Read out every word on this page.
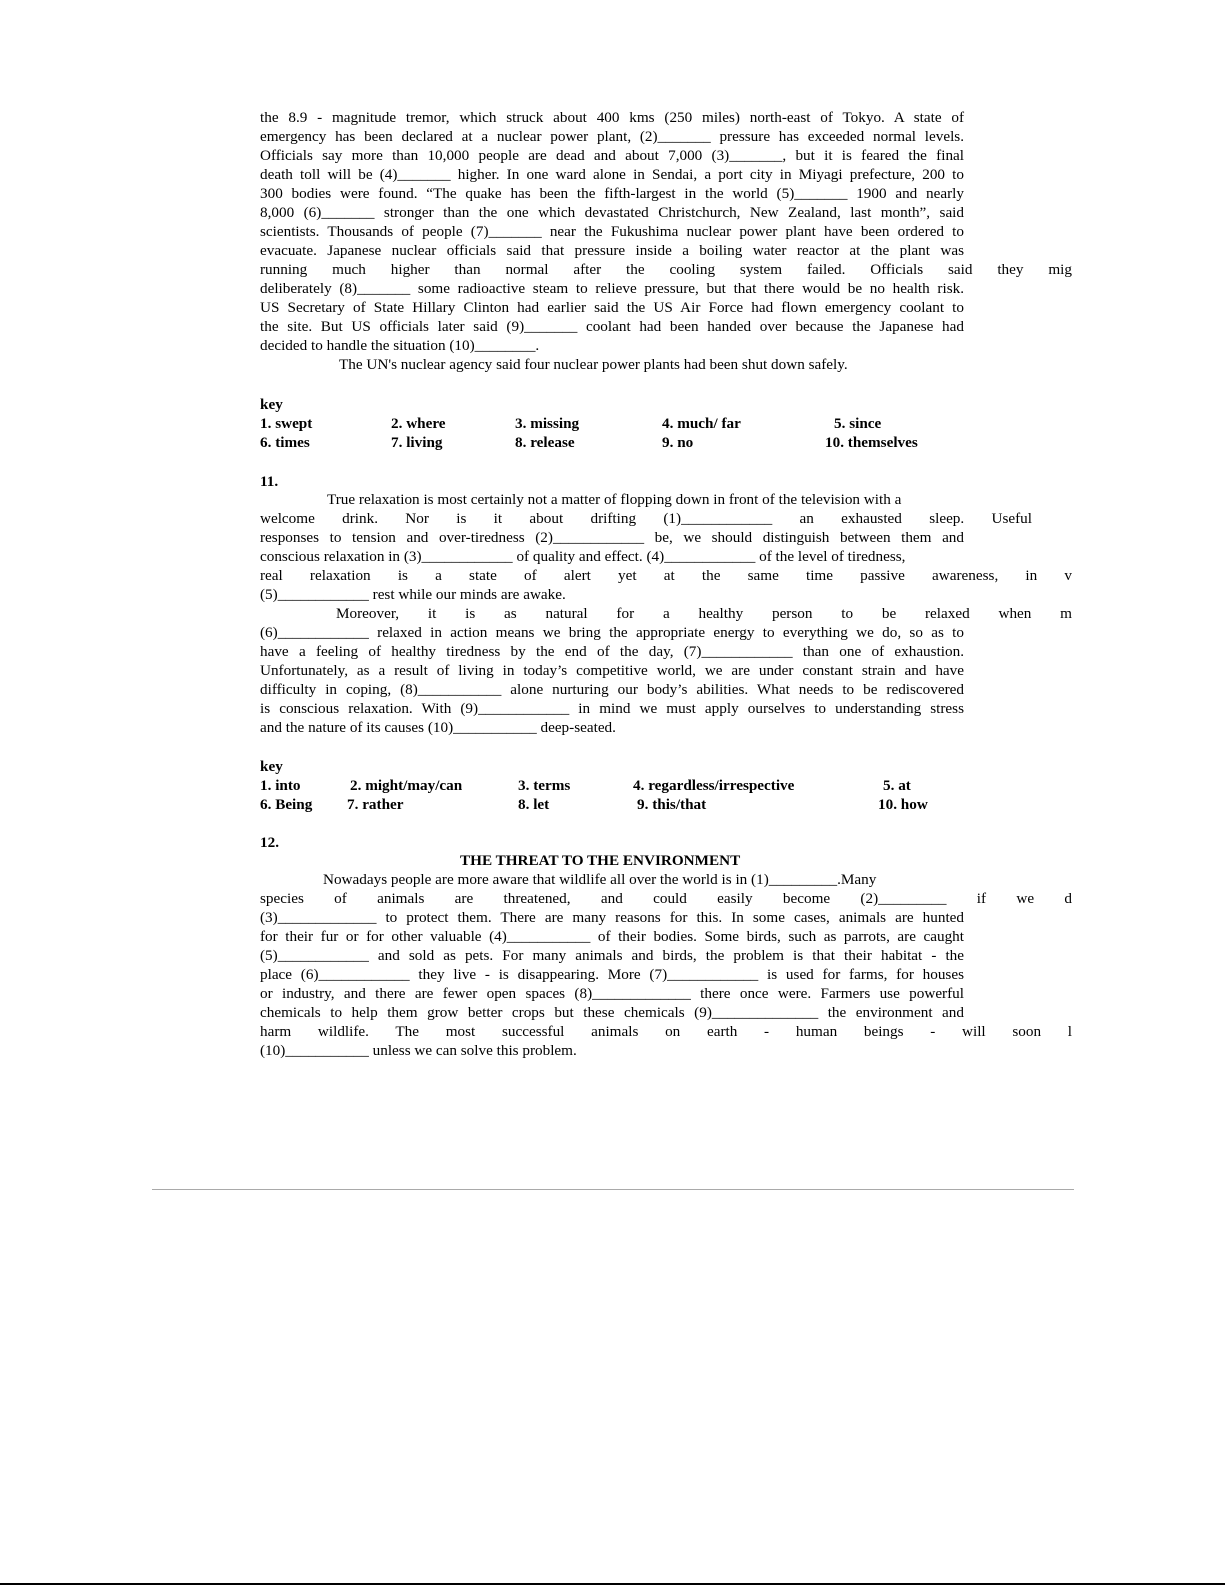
the 8.9 - magnitude tremor, which struck about 400 kms (250 miles) north-east of Tokyo. A state of
emergency has been declared at a nuclear power plant, (2)_______ pressure has exceeded normal levels.
Officials say more than 10,000 people are dead and about 7,000 (3)_______, but it is feared the final
death toll will be (4)_______ higher. In one ward alone in Sendai, a port city in Miyagi prefecture, 200 to
300 bodies were found. “The quake has been the fifth-largest in the world (5)_______ 1900 and nearly
8,000 (6)_______ stronger than the one which devastated Christchurch, New Zealand, last month”, said
scientists. Thousands of people (7)_______ near the Fukushima nuclear power plant have been ordered to
evacuate. Japanese nuclear officials said that pressure inside a boiling water reactor at the plant was
running much higher than normal after the cooling system failed. Officials said they mig
deliberately (8)_______ some radioactive steam to relieve pressure, but that there would be no health risk.
US Secretary of State Hillary Clinton had earlier said the US Air Force had flown emergency coolant to
the site. But US officials later said (9)_______ coolant had been handed over because the Japanese had
decided to handle the situation (10)________.
The UN's nuclear agency said four nuclear power plants had been shut down safely.
key
1. swept	2. where	3. missing	4. much/ far	5. since
6. times	7. living	8. release	9. no	10. themselves
11.
True relaxation is most certainly not a matter of flopping down in front of the television with a
welcome drink. Nor is it about drifting (1)____________ an exhausted sleep. Useful
responses to tension and over-tiredness (2)____________ be, we should distinguish between them and
conscious relaxation in (3)____________ of quality and effect. (4)____________ of the level of tiredness,
real relaxation is a state of alert yet at the same time passive awareness, in v
(5)____________ rest while our minds are awake.
Moreover, it is as natural for a healthy person to be relaxed when m
(6)____________ relaxed in action means we bring the appropriate energy to everything we do, so as to
have a feeling of healthy tiredness by the end of the day, (7)____________ than one of exhaustion.
Unfortunately, as a result of living in today’s competitive world, we are under constant strain and have
difficulty in coping, (8)___________ alone nurturing our body’s abilities. What needs to be rediscovered
is conscious relaxation. With (9)____________ in mind we must apply ourselves to understanding stress
and the nature of its causes (10)___________ deep-seated.
key
1. into	2. might/may/can	3. terms	4. regardless/irrespective	5. at
6. Being 7. rather	8. let	9. this/that	10. how
12.
THE THREAT TO THE ENVIRONMENT
Nowadays people are more aware that wildlife all over the world is in (1)_________.Many
species of animals are threatened, and could easily become (2)_________ if we d
(3)_____________ to protect them. There are many reasons for this. In some cases, animals are hunted
for their fur or for other valuable (4)___________ of their bodies. Some birds, such as parrots, are caught
(5)____________ and sold as pets. For many animals and birds, the problem is that their habitat - the
place (6)____________ they live - is disappearing. More (7)____________ is used for farms, for houses
or industry, and there are fewer open spaces (8)_____________ there once were. Farmers use powerful
chemicals to help them grow better crops but these chemicals (9)______________ the environment and
harm wildlife. The most successful animals on earth - human beings - will soon l
(10)___________ unless we can solve this problem.
